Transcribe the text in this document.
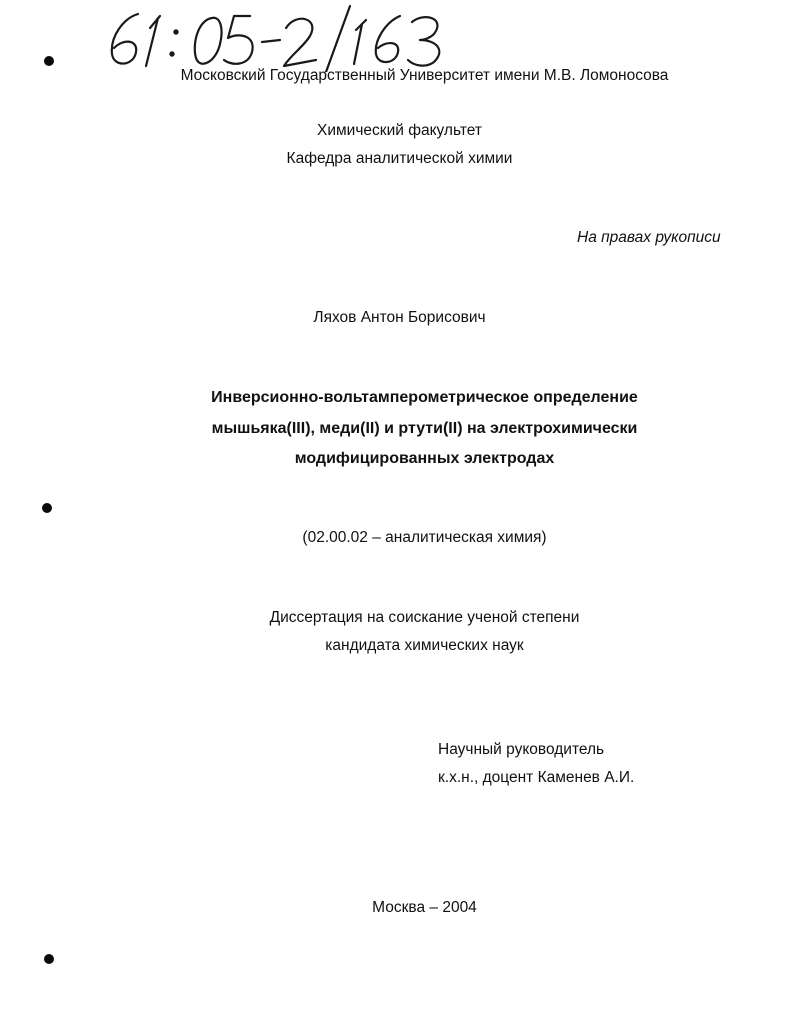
Московский Государственный Университет имени М.В. Ломоносова
Химический факультет
Кафедра аналитической химии
На правах рукописи
Ляхов Антон Борисович
Инверсионно-вольтамперометрическое определение
мышьяка(III), меди(II) и ртути(II) на электрохимически
модифицированных электродах
(02.00.02 – аналитическая химия)
Диссертация на соискание ученой степени
кандидата химических наук
Научный руководитель
к.х.н., доцент Каменев А.И.
Москва – 2004
